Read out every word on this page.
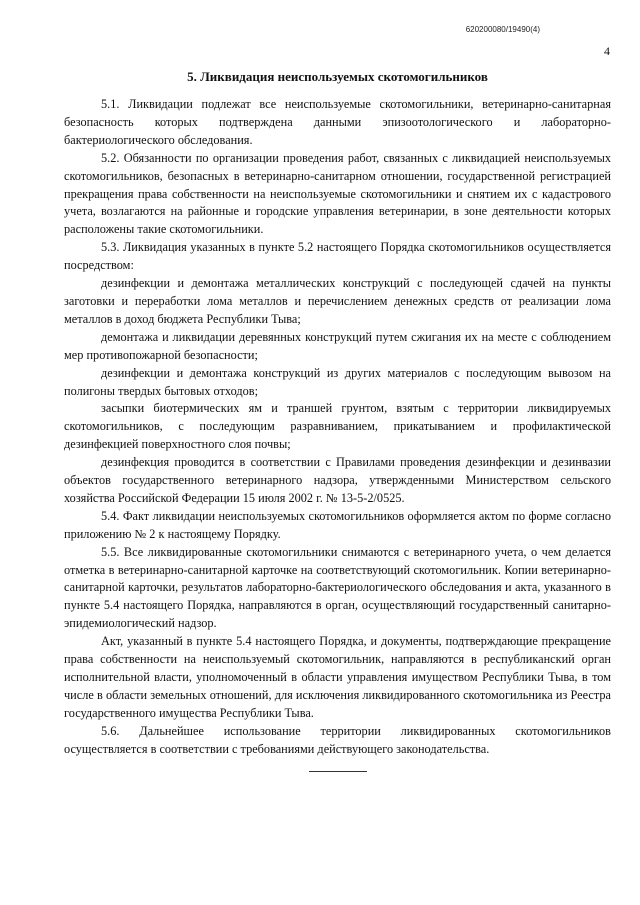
620200080/19490(4)
4
5. Ликвидация неиспользуемых скотомогильников

5.1. Ликвидации подлежат все неиспользуемые скотомогильники, ветеринарно-санитарная безопасность которых подтверждена данными эпизоотологического и лабораторно-бактериологического обследования.

5.2. Обязанности по организации проведения работ, связанных с ликвидацией неиспользуемых скотомогильников, безопасных в ветеринарно-санитарном отношении, государственной регистрацией прекращения права собственности на неиспользуемые скотомогильники и снятием их с кадастрового учета, возлагаются на районные и городские управления ветеринарии, в зоне деятельности которых расположены такие скотомогильники.

5.3. Ликвидация указанных в пункте 5.2 настоящего Порядка скотомогильников осуществляется посредством:

дезинфекции и демонтажа металлических конструкций с последующей сдачей на пункты заготовки и переработки лома металлов и перечислением денежных средств от реализации лома металлов в доход бюджета Республики Тыва;

демонтажа и ликвидации деревянных конструкций путем сжигания их на месте с соблюдением мер противопожарной безопасности;

дезинфекции и демонтажа конструкций из других материалов с последующим вывозом на полигоны твердых бытовых отходов;

засыпки биотермических ям и траншей грунтом, взятым с территории ликвидируемых скотомогильников, с последующим разравниванием, прикатыванием и профилактической дезинфекцией поверхностного слоя почвы;

дезинфекция проводится в соответствии с Правилами проведения дезинфекции и дезинвазии объектов государственного ветеринарного надзора, утвержденными Министерством сельского хозяйства Российской Федерации 15 июля 2002 г. № 13-5-2/0525.

5.4. Факт ликвидации неиспользуемых скотомогильников оформляется актом по форме согласно приложению № 2 к настоящему Порядку.

5.5. Все ликвидированные скотомогильники снимаются с ветеринарного учета, о чем делается отметка в ветеринарно-санитарной карточке на соответствующий скотомогильник. Копии ветеринарно-санитарной карточки, результатов лабораторно-бактериологического обследования и акта, указанного в пункте 5.4 настоящего Порядка, направляются в орган, осуществляющий государственный санитарно-эпидемиологический надзор.

Акт, указанный в пункте 5.4 настоящего Порядка, и документы, подтверждающие прекращение права собственности на неиспользуемый скотомогильник, направляются в республиканский орган исполнительной власти, уполномоченный в области управления имуществом Республики Тыва, в том числе в области земельных отношений, для исключения ликвидированного скотомогильника из Реестра государственного имущества Республики Тыва.

5.6. Дальнейшее использование территории ликвидированных скотомогильников осуществляется в соответствии с требованиями действующего законодательства.
